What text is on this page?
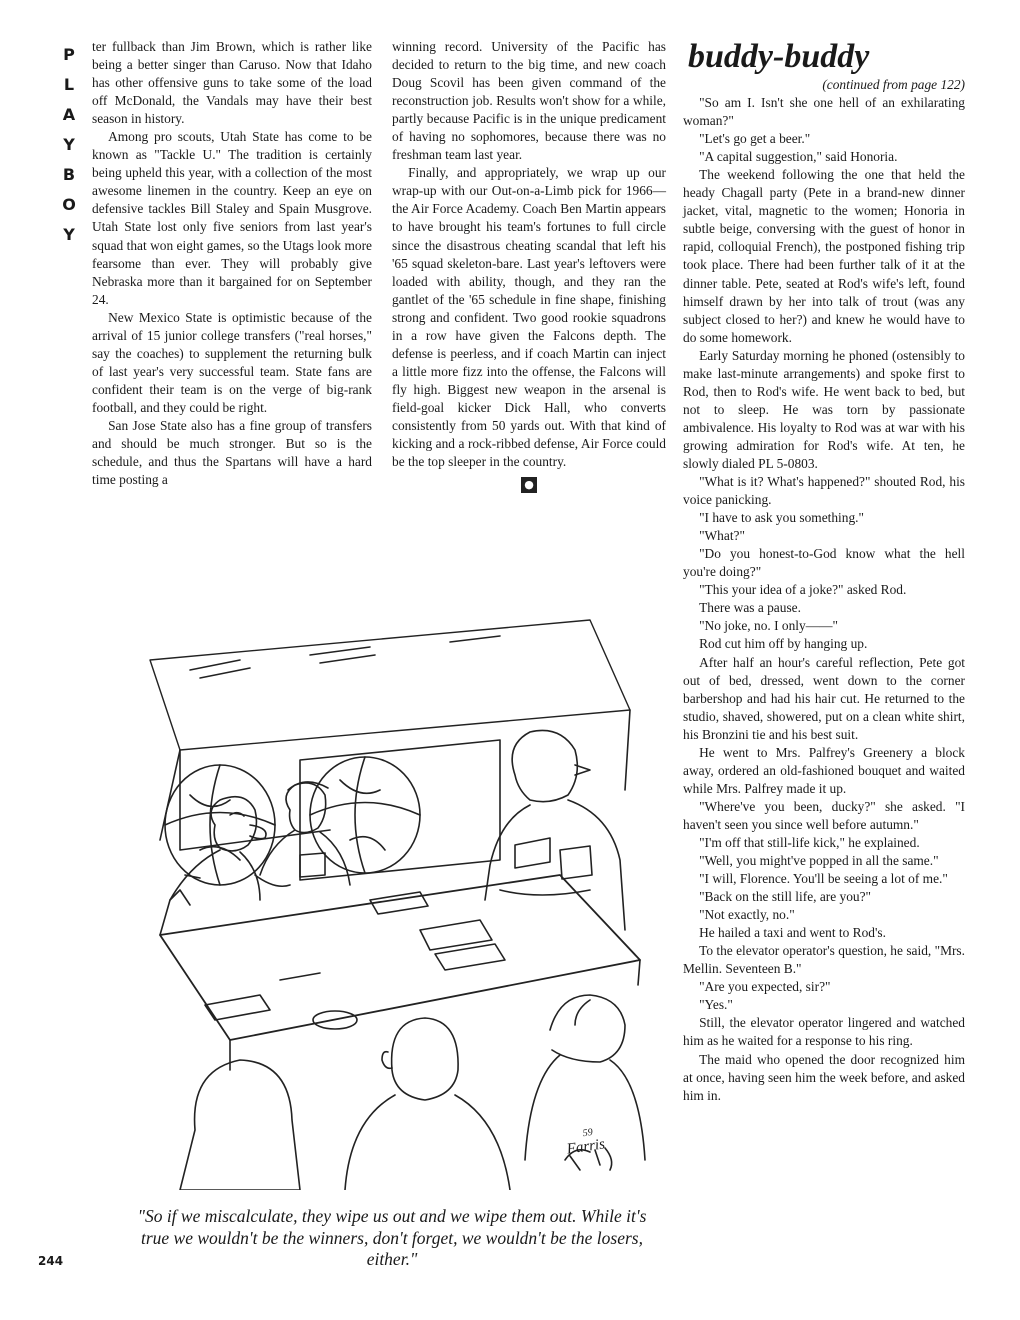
P
L
A
Y
B
O
Y

ter fullback than Jim Brown, which is rather like being a better singer than Caruso. Now that Idaho has other offensive guns to take some of the load off McDonald, the Vandals may have their best season in history.

Among pro scouts, Utah State has come to be known as "Tackle U." The tradition is certainly being upheld this year, with a collection of the most awesome linemen in the country. Keep an eye on defensive tackles Bill Staley and Spain Musgrove. Utah State lost only five seniors from last year's squad that won eight games, so the Utags look more fearsome than ever. They will probably give Nebraska more than it bargained for on September 24.

New Mexico State is optimistic because of the arrival of 15 junior college transfers ("real horses," say the coaches) to supplement the returning bulk of last year's very successful team. State fans are confident their team is on the verge of big-rank football, and they could be right.

San Jose State also has a fine group of transfers and should be much stronger. But so is the schedule, and thus the Spartans will have a hard time posting a

winning record. University of the Pacific has decided to return to the big time, and new coach Doug Scovil has been given command of the reconstruction job. Results won't show for a while, partly because Pacific is in the unique predicament of having no sophomores, because there was no freshman team last year.

Finally, and appropriately, we wrap up our wrap-up with our Out-on-a-Limb pick for 1966—the Air Force Academy. Coach Ben Martin appears to have brought his team's fortunes to full circle since the disastrous cheating scandal that left his '65 squad skeleton-bare. Last year's leftovers were loaded with ability, though, and they ran the gantlet of the '65 schedule in fine shape, finishing strong and confident. Two good rookie squadrons in a row have given the Falcons depth. The defense is peerless, and if coach Martin can inject a little more fizz into the offense, the Falcons will fly high. Biggest new weapon in the arsenal is field-goal kicker Dick Hall, who converts consistently from 50 yards out. With that kind of kicking and a rock-ribbed defense, Air Force could be the top sleeper in the country.

●
buddy-buddy

(continued from page 122)

"So am I. Isn't she one hell of an exhilarating woman?"

"Let's go get a beer."

"A capital suggestion," said Honoria.

The weekend following the one that held the heady Chagall party (Pete in a brand-new dinner jacket, vital, magnetic to the women; Honoria in subtle beige, conversing with the guest of honor in rapid, colloquial French), the postponed fishing trip took place. There had been further talk of it at the dinner table. Pete, seated at Rod's wife's left, found himself drawn by her into talk of trout (was any subject closed to her?) and knew he would have to do some homework.

Early Saturday morning he phoned (ostensibly to make last-minute arrangements) and spoke first to Rod, then to Rod's wife. He went back to bed, but not to sleep. He was torn by passionate ambivalence. His loyalty to Rod was at war with his growing admiration for Rod's wife. At ten, he slowly dialed PL 5-0803.

"What is it? What's happened?" shouted Rod, his voice panicking.

"I have to ask you something."

"What?"

"Do you honest-to-God know what the hell you're doing?"

"This your idea of a joke?" asked Rod.

There was a pause.

"No joke, no. I only——"

Rod cut him off by hanging up.

After half an hour's careful reflection, Pete got out of bed, dressed, went down to the corner barbershop and had his hair cut. He returned to the studio, shaved, showered, put on a clean white shirt, his Bronzini tie and his best suit.

He went to Mrs. Palfrey's Greenery a block away, ordered an old-fashioned bouquet and waited while Mrs. Palfrey made it up.

"Where've you been, ducky?" she asked. "I haven't seen you since well before autumn."

"I'm off that still-life kick," he explained.

"Well, you might've popped in all the same."

"I will, Florence. You'll be seeing a lot of me."

"Back on the still life, are you?"

"Not exactly, no."

He hailed a taxi and went to Rod's.

To the elevator operator's question, he said, "Mrs. Mellin. Seventeen B."

"Are you expected, sir?"

"Yes."

Still, the elevator operator lingered and watched him as he waited for a response to his ring.

The maid who opened the door recognized him at once, having seen him the week before, and asked him in.

59
Farris
"So if we miscalculate, they wipe us out and we wipe them out. While it's true we wouldn't be the winners, don't forget, we wouldn't be the losers, either."
244
